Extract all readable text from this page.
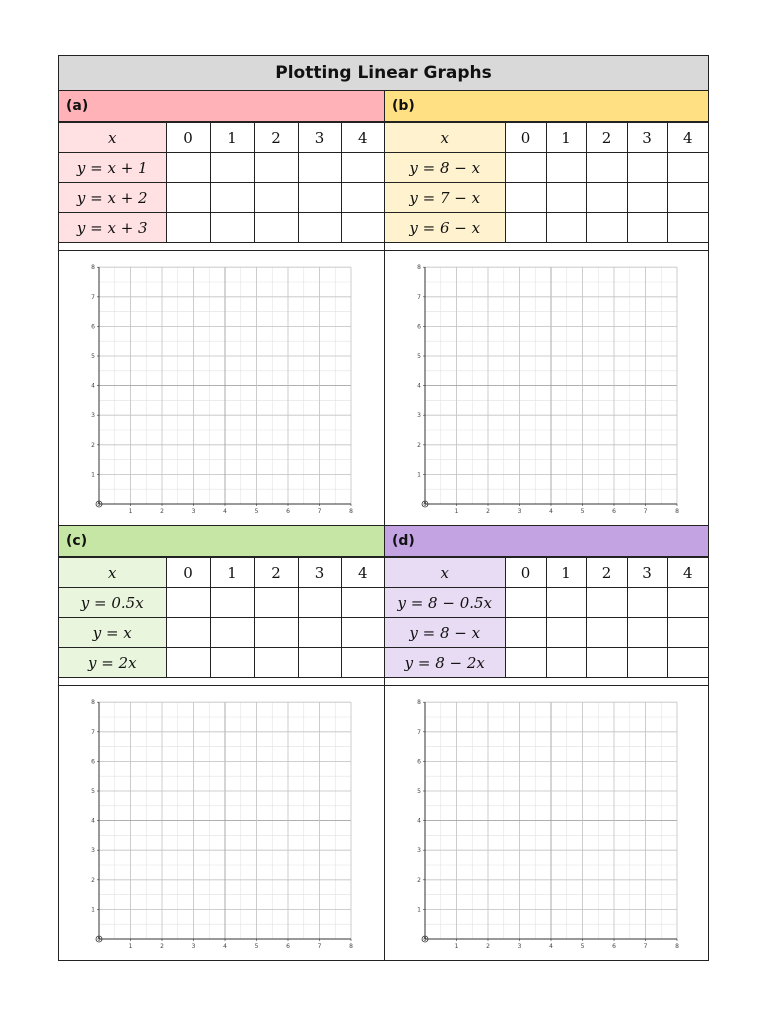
Plotting Linear Graphs
(a)
x	0	1	2	3	4
y = x + 1					
y = x + 2					
y = x + 3					
1
1
2
2
3
3
4
4
5
5
6
6
7
7
8
8
0
(b)
x	0	1	2	3	4
y = 8 − x					
y = 7 − x					
y = 6 − x					
1
1
2
2
3
3
4
4
5
5
6
6
7
7
8
8
0
(c)
x	0	1	2	3	4
y = 0.5x					
y = x					
y = 2x					
1
1
2
2
3
3
4
4
5
5
6
6
7
7
8
8
0
(d)
x	0	1	2	3	4
y = 8 − 0.5x					
y = 8 − x					
y = 8 − 2x					
1
1
2
2
3
3
4
4
5
5
6
6
7
7
8
8
0
